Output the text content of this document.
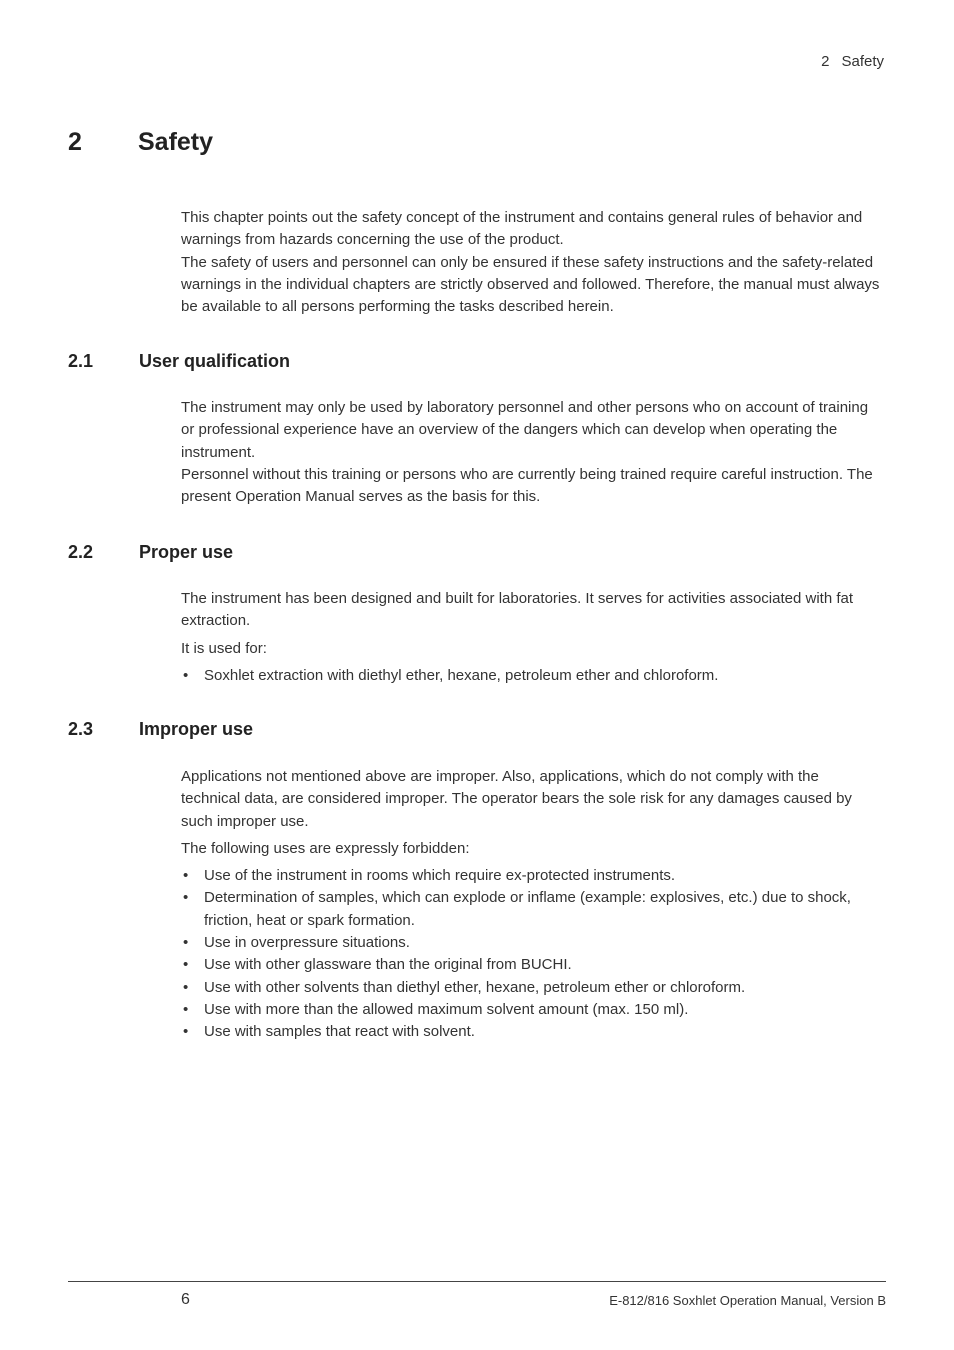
2 Safety
2 Safety

This chapter points out the safety concept of the instrument and contains general rules of behavior and warnings from hazards concerning the use of the product.

The safety of users and personnel can only be ensured if these safety instructions and the safety-related warnings in the individual chapters are strictly observed and followed. Therefore, the manual must always be available to all persons performing the tasks described herein.

2.1	User qualification

The instrument may only be used by laboratory personnel and other persons who on account of training or professional experience have an overview of the dangers which can develop when operating the instrument.

Personnel without this training or persons who are currently being trained require careful instruction. The present Operation Manual serves as the basis for this.

2.2	Proper use

The instrument has been designed and built for laboratories. It serves for activities associated with fat extraction.

It is used for:

• Soxhlet extraction with diethyl ether, hexane, petroleum ether and chloroform.
2.3	Improper use

Applications not mentioned above are improper. Also, applications, which do not comply with the technical data, are considered improper. The operator bears the sole risk for any damages caused by such improper use.

The following uses are expressly forbidden:

• Use of the instrument in rooms which require ex-protected instruments.
• Determination of samples, which can explode or inflame (example: explosives, etc.) due to shock, friction, heat or spark formation.
• Use in overpressure situations.
• Use with other glassware than the original from BUCHI.
• Use with other solvents than diethyl ether, hexane, petroleum ether or chloroform.
• Use with more than the allowed maximum solvent amount (max. 150 ml).
• Use with samples that react with solvent.
6	E-812/816 Soxhlet Operation Manual, Version B
